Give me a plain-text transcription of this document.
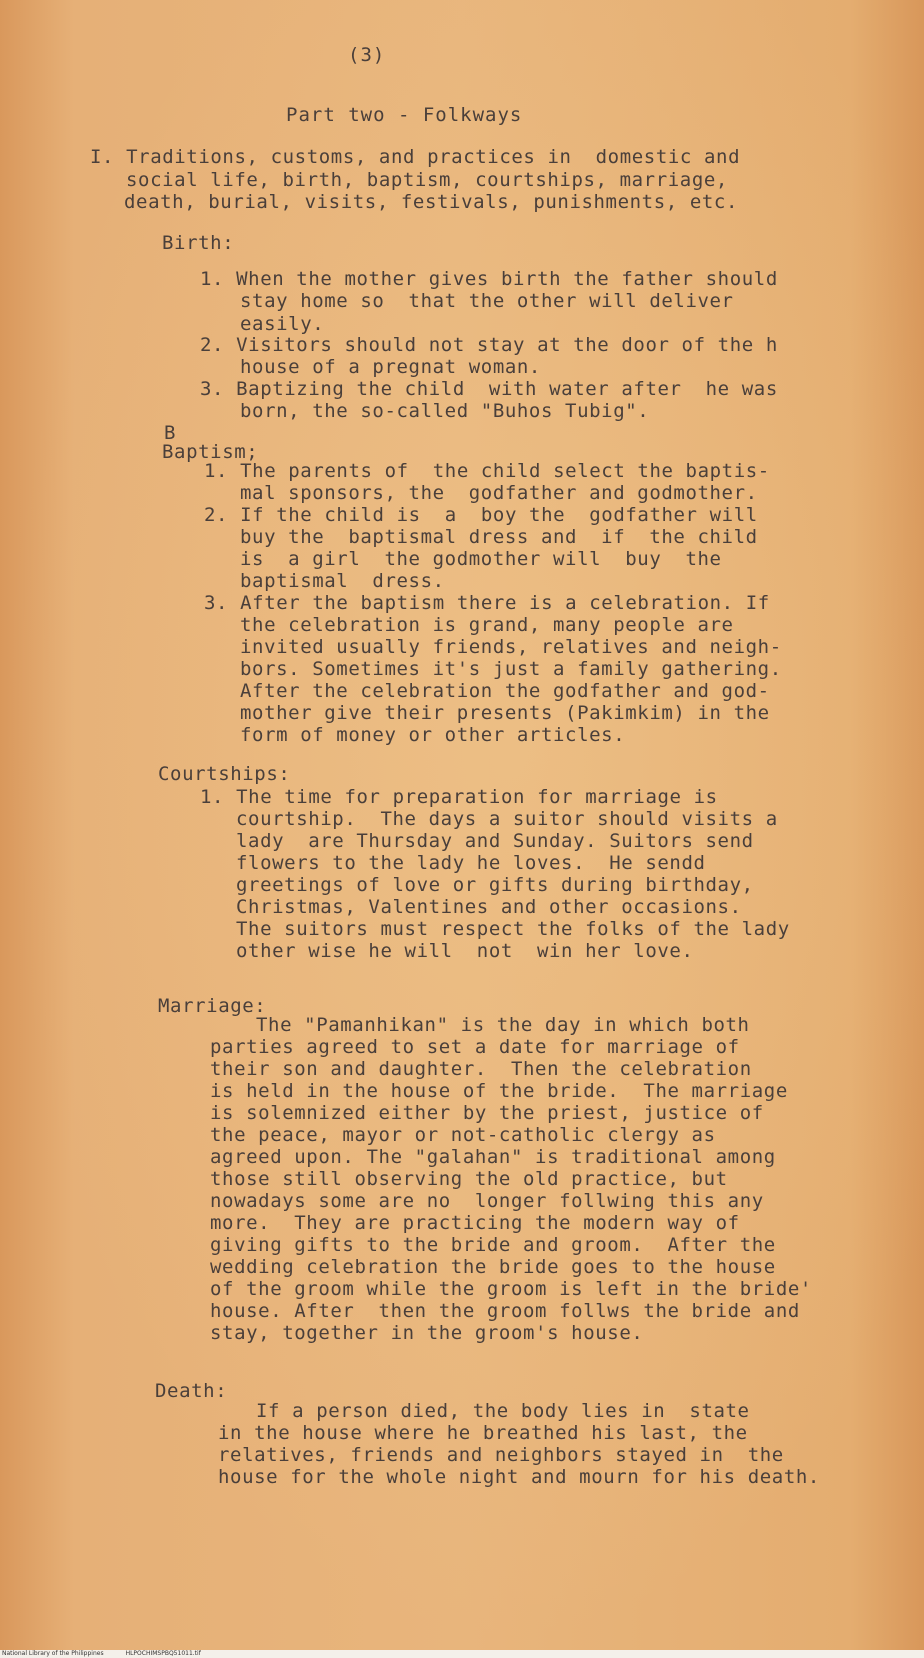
(3)
Part two - Folkways
I. Traditions, customs, and practices in  domestic and
social life, birth, baptism, courtships, marriage,
death, burial, visits, festivals, punishments, etc.
Birth:
1. When the mother gives birth the father should
stay home so  that the other will deliver
easily.
2. Visitors should not stay at the door of the h
house of a pregnat woman.
3. Baptizing the child  with water after  he was
born, the so-called "Buhos Tubig".
B
Baptism;
1. The parents of  the child select the baptis-
mal sponsors, the  godfather and godmother.
2. If the child is  a  boy the  godfather will
buy the  baptismal dress and  if  the child
is  a girl  the godmother will  buy  the
baptismal  dress.
3. After the baptism there is a celebration. If
the celebration is grand, many people are
invited usually friends, relatives and neigh-
bors. Sometimes it's just a family gathering.
After the celebration the godfather and god-
mother give their presents (Pakimkim) in the
form of money or other articles.
Courtships:
1. The time for preparation for marriage is
courtship.  The days a suitor should visits a
lady  are Thursday and Sunday. Suitors send
flowers to the lady he loves.  He sendd
greetings of love or gifts during birthday,
Christmas, Valentines and other occasions.
The suitors must respect the folks of the lady
other wise he will  not  win her love.
Marriage:
The "Pamanhikan" is the day in which both
parties agreed to set a date for marriage of
their son and daughter.  Then the celebration
is held in the house of the bride.  The marriage
is solemnized either by the priest, justice of
the peace, mayor or not-catholic clergy as
agreed upon. The "galahan" is traditional among
those still observing the old practice, but
nowadays some are no  longer follwing this any
more.  They are practicing the modern way of
giving gifts to the bride and groom.  After the
wedding celebration the bride goes to the house
of the groom while the groom is left in the bride'
house. After  then the groom follws the bride and
stay, together in the groom's house.
Death:
If a person died, the body lies in  state
in the house where he breathed his last, the
relatives, friends and neighbors stayed in  the
house for the whole night and mourn for his death.
National Library of the Philippines	HLPOCHIMSPBQ51011.tif
